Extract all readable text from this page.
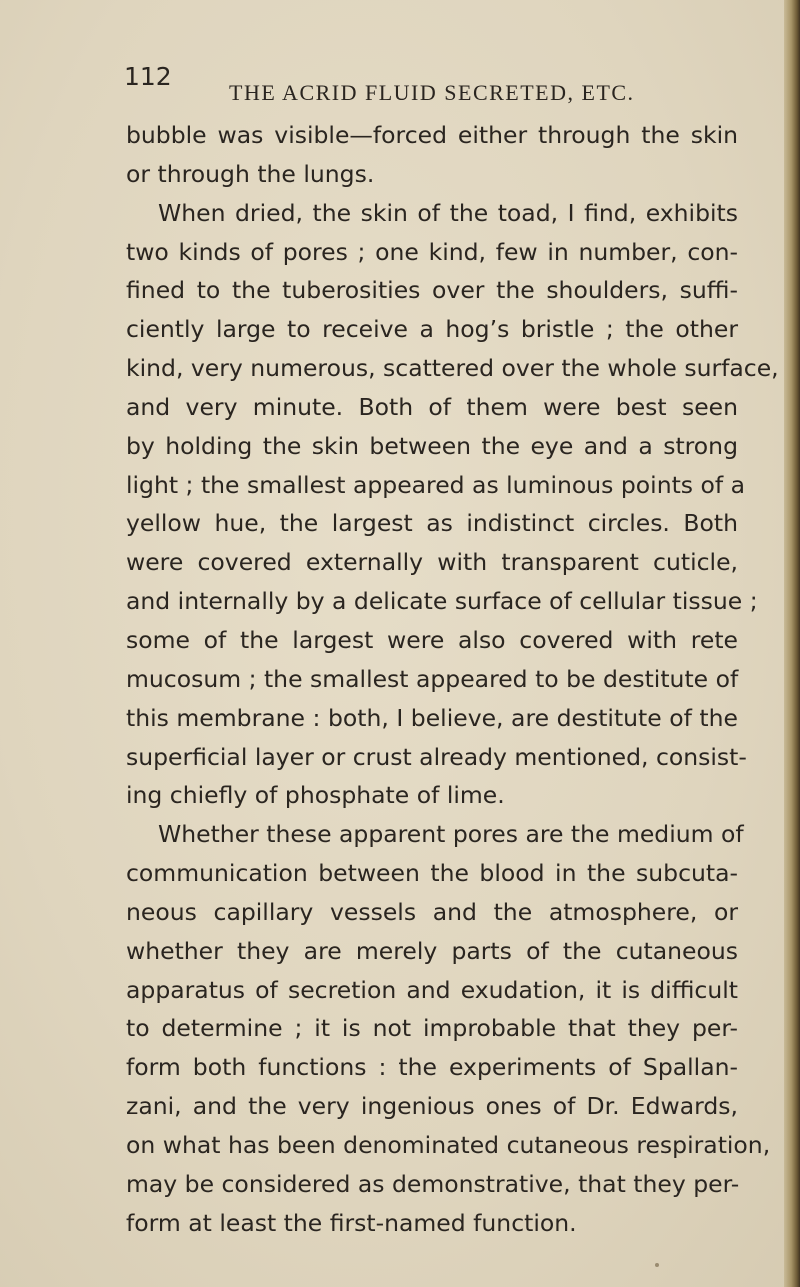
112
THE ACRID FLUID SECRETED, ETC.
bubble was visible—forced either through the skin
or through the lungs.
When dried, the skin of the toad, I find, exhibits
two kinds of pores ; one kind, few in number, con-
fined to the tuberosities over the shoulders, suffi-
ciently large to receive a hog’s bristle ; the other
kind, very numerous, scattered over the whole surface,
and very minute. Both of them were best seen
by holding the skin between the eye and a strong
light ; the smallest appeared as luminous points of a
yellow hue, the largest as indistinct circles. Both
were covered externally with transparent cuticle,
and internally by a delicate surface of cellular tissue ;
some of the largest were also covered with rete
mucosum ; the smallest appeared to be destitute of
this membrane : both, I believe, are destitute of the
superficial layer or crust already mentioned, consist-
ing chiefly of phosphate of lime.
Whether these apparent pores are the medium of
communication between the blood in the subcuta-
neous capillary vessels and the atmosphere, or
whether they are merely parts of the cutaneous
apparatus of secretion and exudation, it is difficult
to determine ; it is not improbable that they per-
form both functions : the experiments of Spallan-
zani, and the very ingenious ones of Dr. Edwards,
on what has been denominated cutaneous respiration,
may be considered as demonstrative, that they per-
form at least the first-named function.
